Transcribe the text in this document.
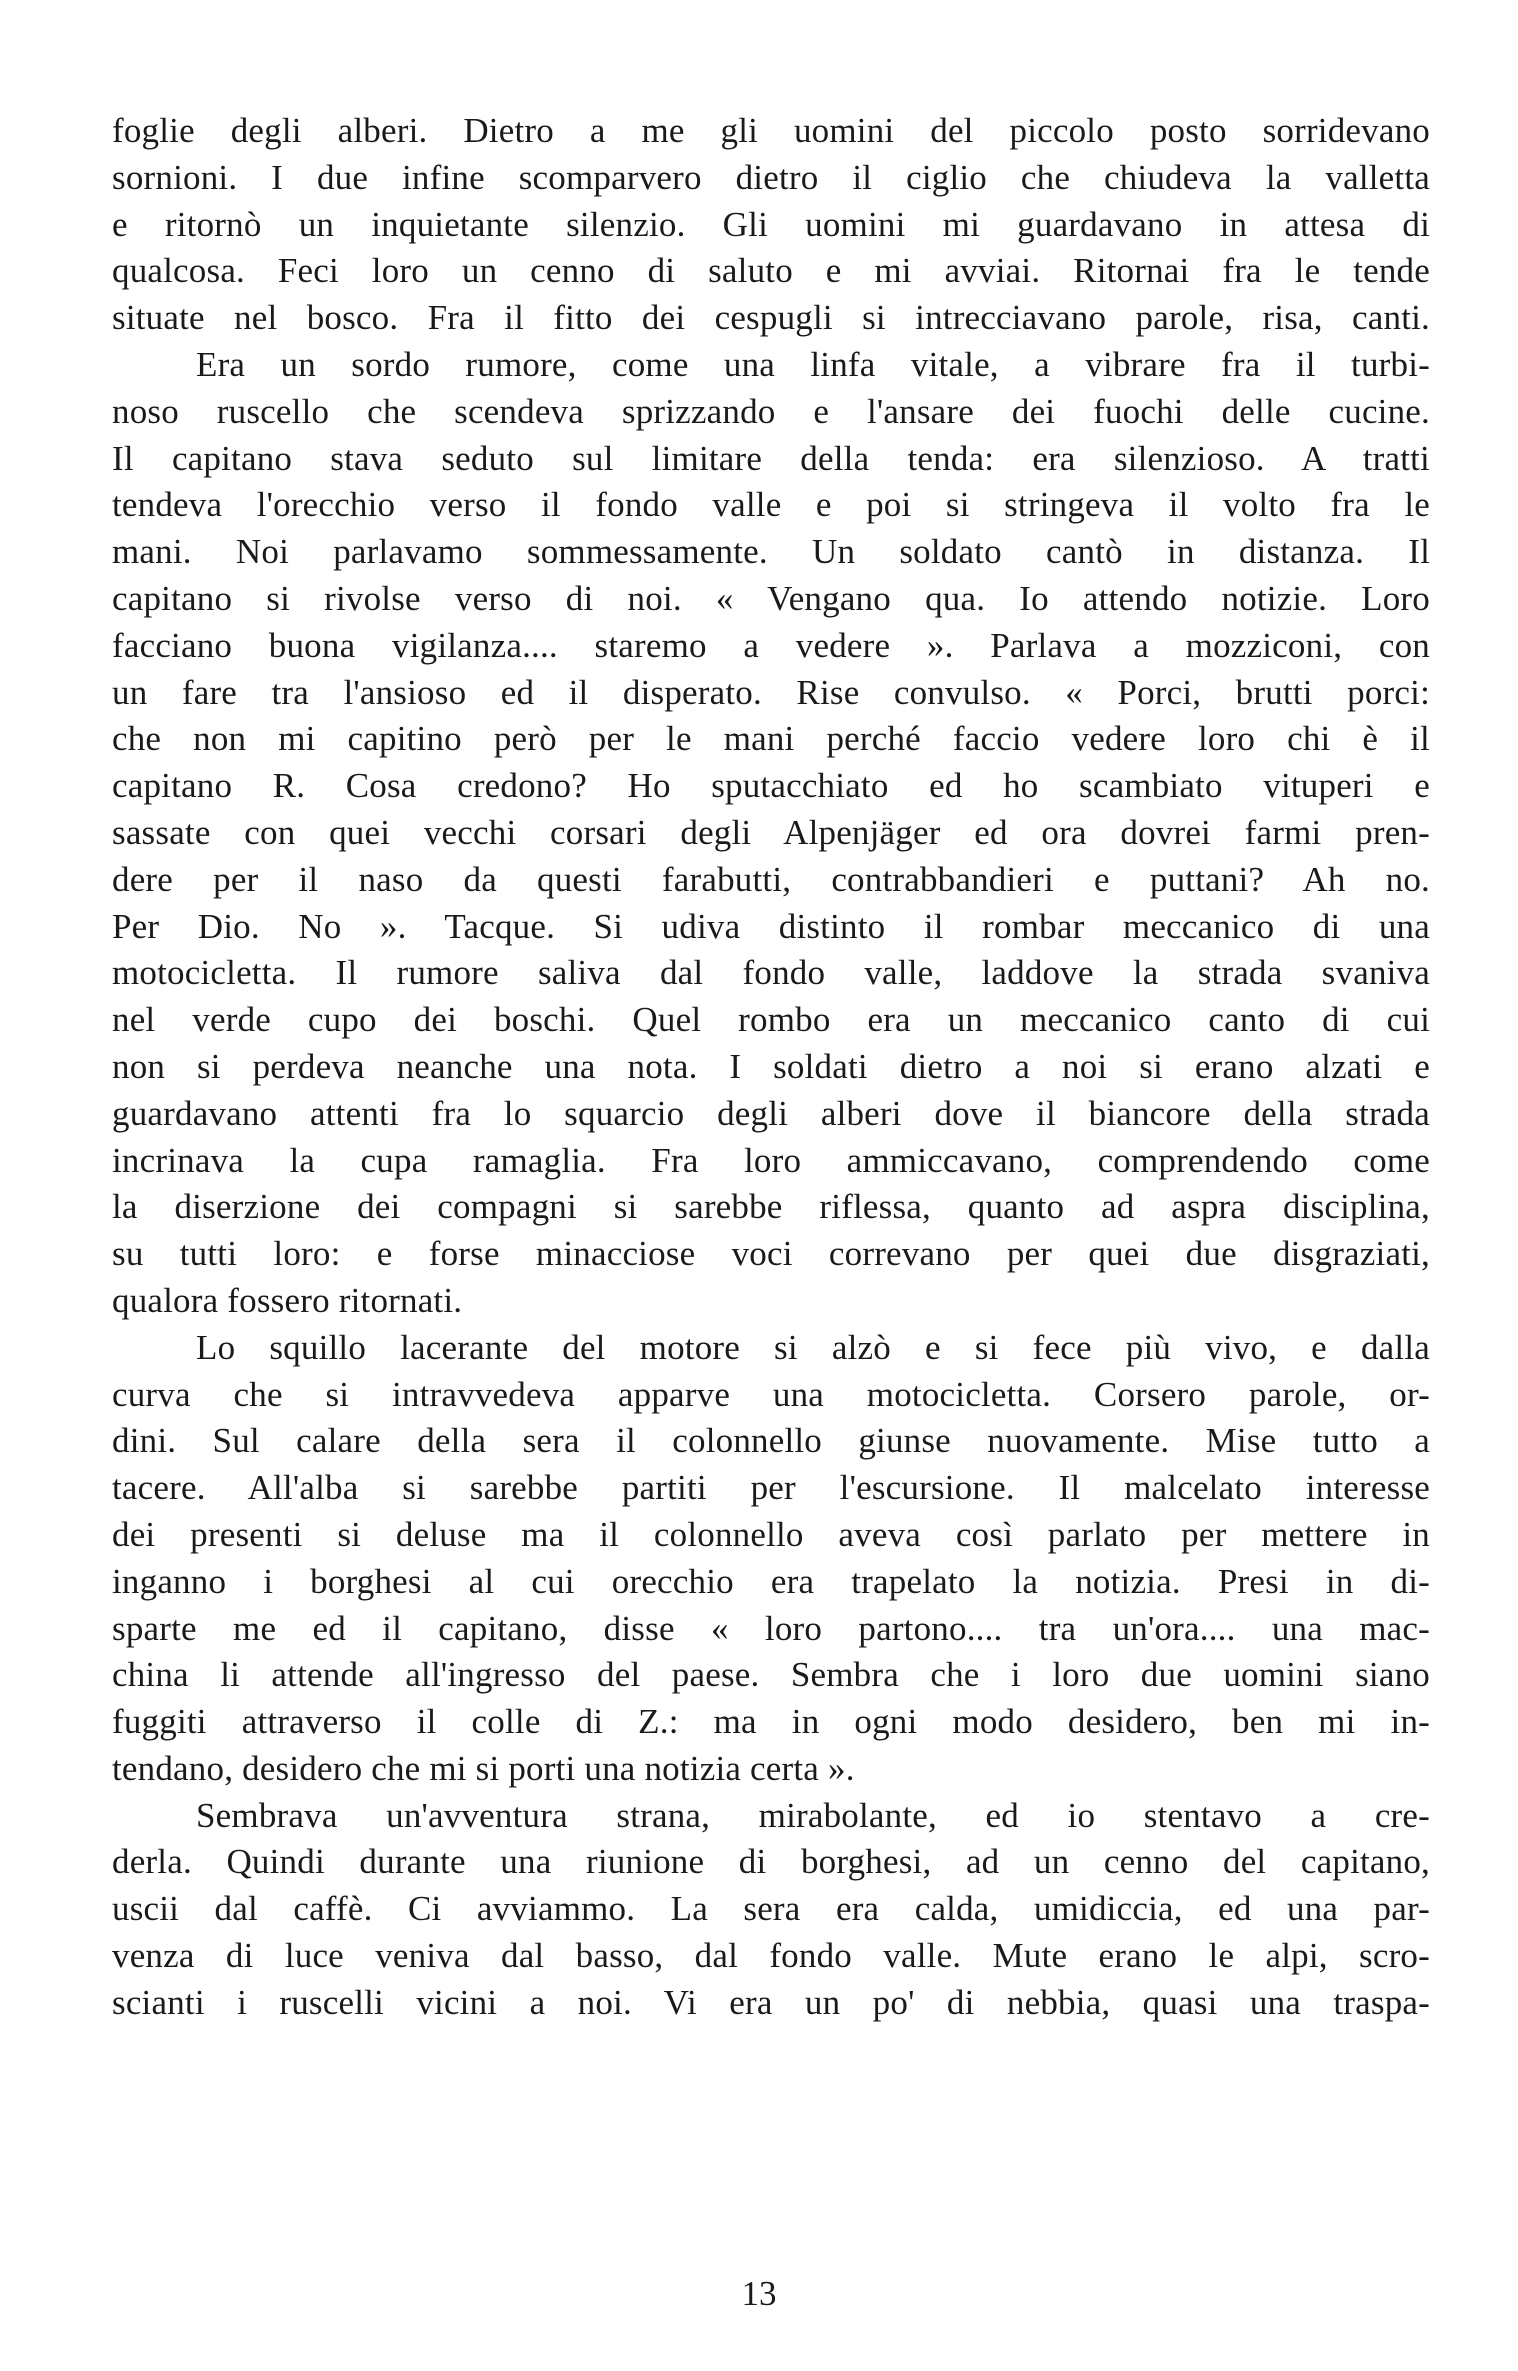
foglie degli alberi. Dietro a me gli uomini del piccolo posto sorridevano
sornioni. I due infine scomparvero dietro il ciglio che chiudeva la valletta
e ritornò un inquietante silenzio. Gli uomini mi guardavano in attesa di
qualcosa. Feci loro un cenno di saluto e mi avviai. Ritornai fra le tende
situate nel bosco. Fra il fitto dei cespugli si intrecciavano parole, risa, canti.
Era un sordo rumore, come una linfa vitale, a vibrare fra il turbi-
noso ruscello che scendeva sprizzando e l'ansare dei fuochi delle cucine.
Il capitano stava seduto sul limitare della tenda: era silenzioso. A tratti
tendeva l'orecchio verso il fondo valle e poi si stringeva il volto fra le
mani. Noi parlavamo sommessamente. Un soldato cantò in distanza. Il
capitano si rivolse verso di noi. « Vengano qua. Io attendo notizie. Loro
facciano buona vigilanza.... staremo a vedere ». Parlava a mozziconi, con
un fare tra l'ansioso ed il disperato. Rise convulso. « Porci, brutti porci:
che non mi capitino però per le mani perché faccio vedere loro chi è il
capitano R. Cosa credono? Ho sputacchiato ed ho scambiato vituperi e
sassate con quei vecchi corsari degli Alpenjäger ed ora dovrei farmi pren-
dere per il naso da questi farabutti, contrabbandieri e puttani? Ah no.
Per Dio. No ». Tacque. Si udiva distinto il rombar meccanico di una
motocicletta. Il rumore saliva dal fondo valle, laddove la strada svaniva
nel verde cupo dei boschi. Quel rombo era un meccanico canto di cui
non si perdeva neanche una nota. I soldati dietro a noi si erano alzati e
guardavano attenti fra lo squarcio degli alberi dove il biancore della strada
incrinava la cupa ramaglia. Fra loro ammiccavano, comprendendo come
la diserzione dei compagni si sarebbe riflessa, quanto ad aspra disciplina,
su tutti loro: e forse minacciose voci correvano per quei due disgraziati,
qualora fossero ritornati.
Lo squillo lacerante del motore si alzò e si fece più vivo, e dalla
curva che si intravvedeva apparve una motocicletta. Corsero parole, or-
dini. Sul calare della sera il colonnello giunse nuovamente. Mise tutto a
tacere. All'alba si sarebbe partiti per l'escursione. Il malcelato interesse
dei presenti si deluse ma il colonnello aveva così parlato per mettere in
inganno i borghesi al cui orecchio era trapelato la notizia. Presi in di-
sparte me ed il capitano, disse « loro partono.... tra un'ora.... una mac-
china li attende all'ingresso del paese. Sembra che i loro due uomini siano
fuggiti attraverso il colle di Z.: ma in ogni modo desidero, ben mi in-
tendano, desidero che mi si porti una notizia certa ».
Sembrava un'avventura strana, mirabolante, ed io stentavo a cre-
derla. Quindi durante una riunione di borghesi, ad un cenno del capitano,
uscii dal caffè. Ci avviammo. La sera era calda, umidiccia, ed una par-
venza di luce veniva dal basso, dal fondo valle. Mute erano le alpi, scro-
scianti i ruscelli vicini a noi. Vi era un po' di nebbia, quasi una traspa-
13
